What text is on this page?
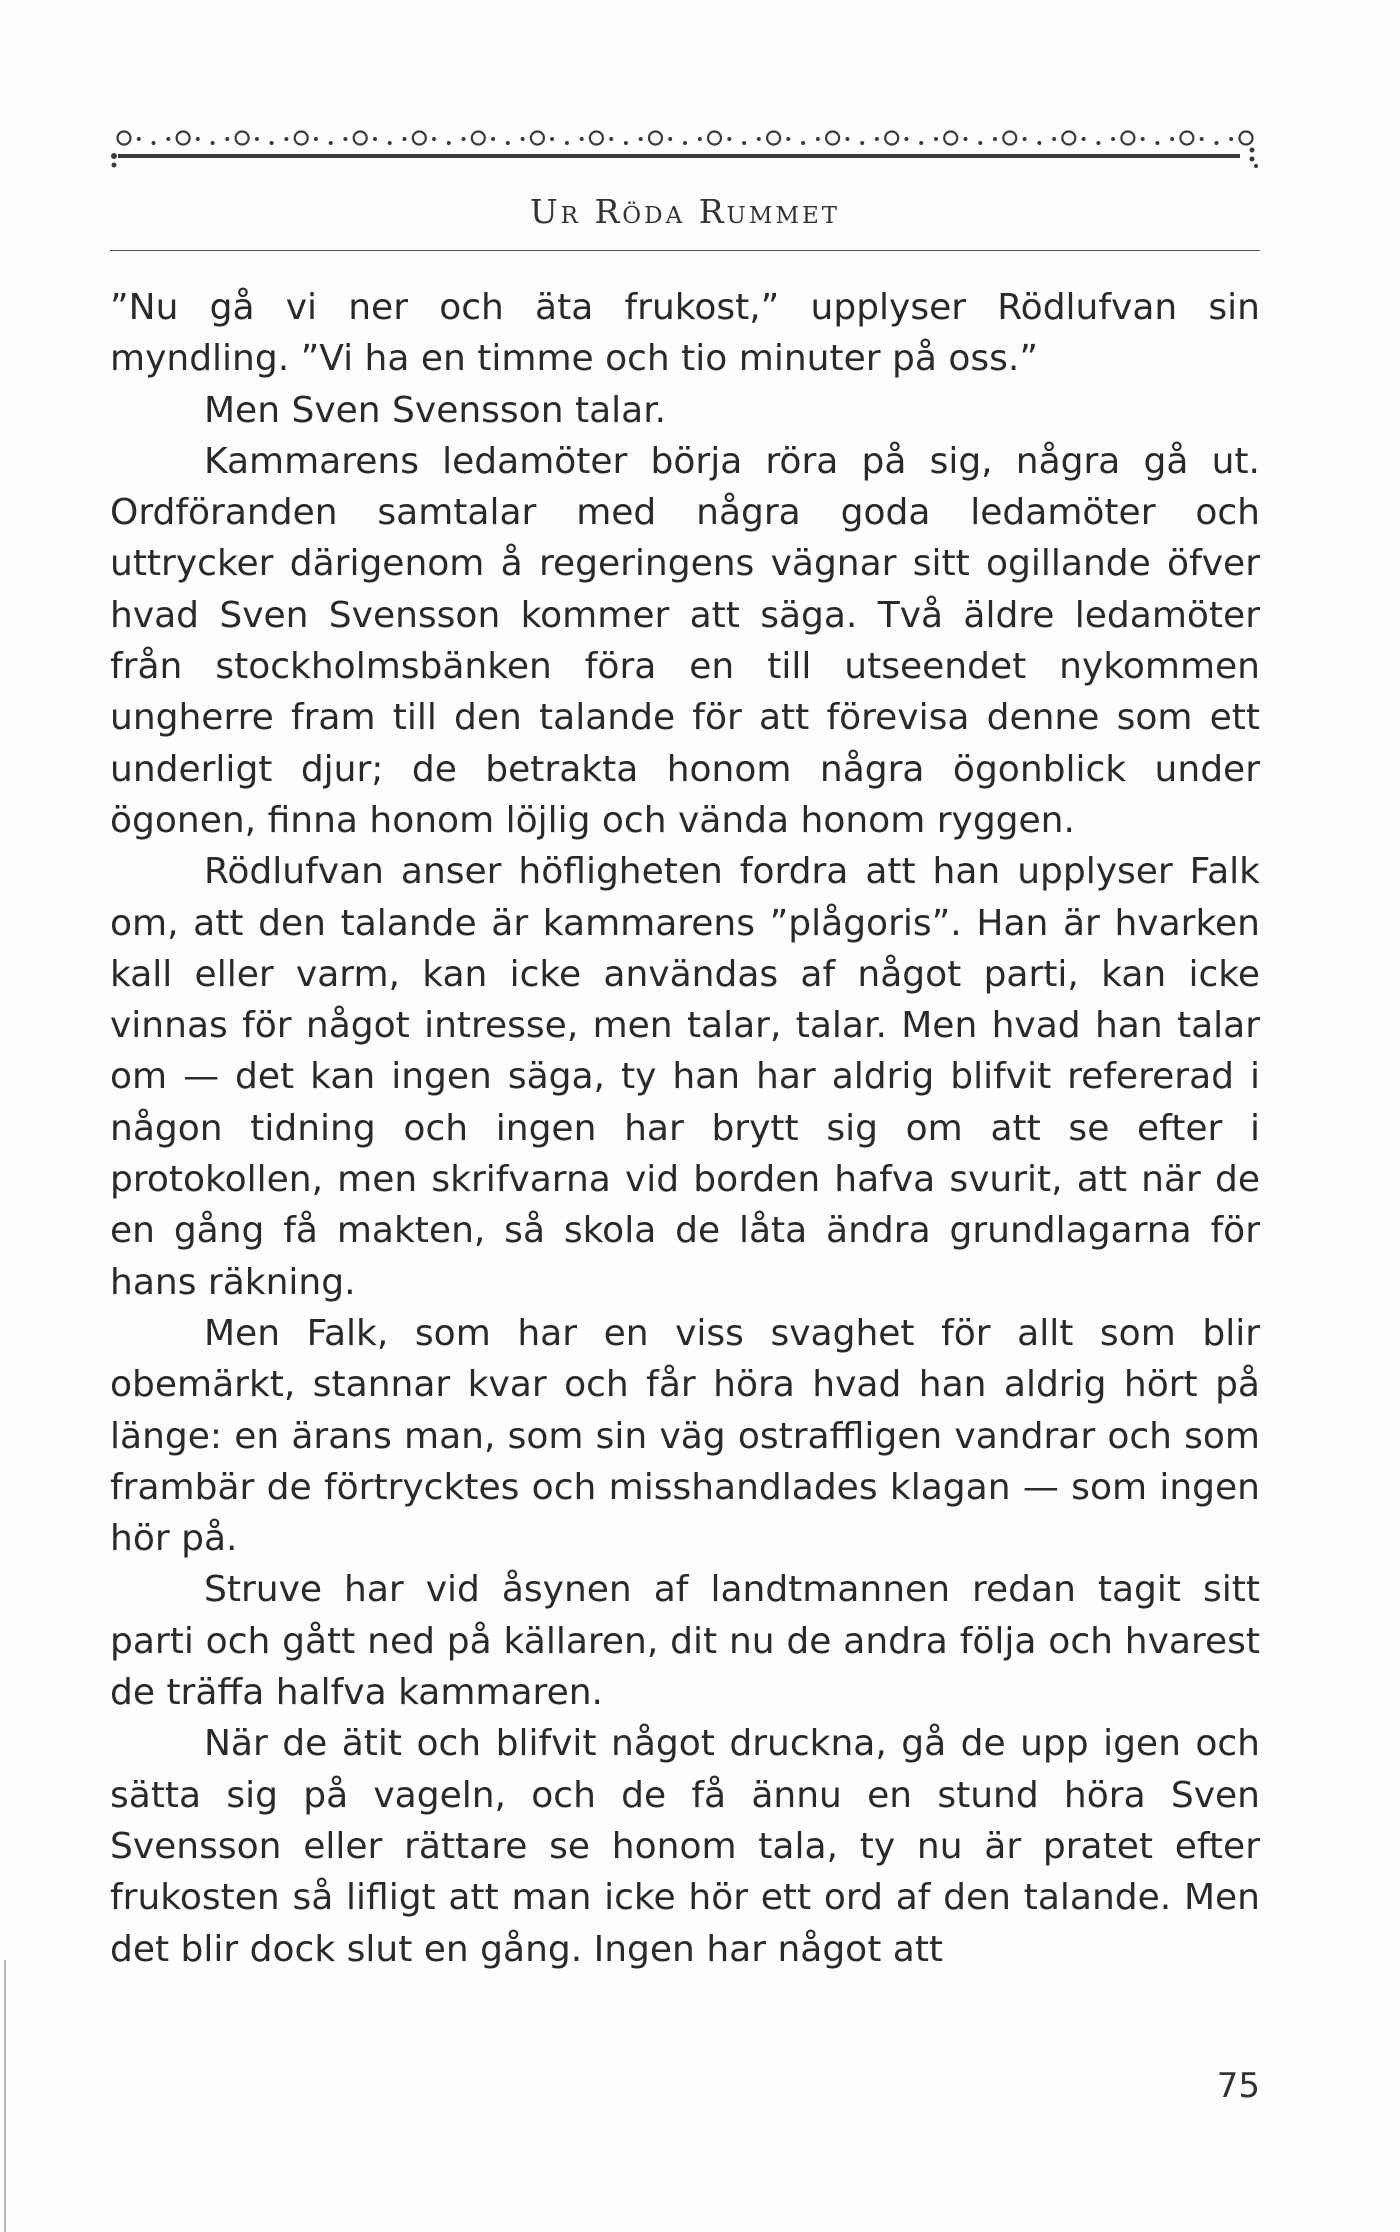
Ur Röda Rummet

”Nu gå vi ner och äta frukost,” upplyser Rödlufvan sin myndling. ”Vi ha en timme och tio minuter på oss.”

Men Sven Svensson talar.

Kammarens ledamöter börja röra på sig, några gå ut. Ordföranden samtalar med några goda ledamöter och uttrycker därigenom å regeringens vägnar sitt ogillande öfver hvad Sven Svensson kommer att säga. Två äldre ledamöter från stockholmsbänken föra en till utseendet nykommen ungherre fram till den talande för att förevisa denne som ett underligt djur; de betrakta honom några ögonblick under ögonen, finna honom löjlig och vända honom ryggen.

Rödlufvan anser höfligheten fordra att han upplyser Falk om, att den talande är kammarens ”plågoris”. Han är hvarken kall eller varm, kan icke användas af något parti, kan icke vinnas för något intresse, men talar, talar. Men hvad han talar om — det kan ingen säga, ty han har aldrig blifvit refererad i någon tidning och ingen har brytt sig om att se efter i protokollen, men skrifvarna vid borden hafva svurit, att när de en gång få makten, så skola de låta ändra grundlagarna för hans räkning.

Men Falk, som har en viss svaghet för allt som blir obemärkt, stannar kvar och får höra hvad han aldrig hört på länge: en ärans man, som sin väg ostraffligen vandrar och som frambär de förtrycktes och misshandlades klagan — som ingen hör på.

Struve har vid åsynen af landtmannen redan tagit sitt parti och gått ned på källaren, dit nu de andra följa och hvarest de träffa halfva kammaren.

När de ätit och blifvit något druckna, gå de upp igen och sätta sig på vageln, och de få ännu en stund höra Sven Svensson eller rättare se honom tala, ty nu är pratet efter frukosten så lifligt att man icke hör ett ord af den talande. Men det blir dock slut en gång. Ingen har något att

75
